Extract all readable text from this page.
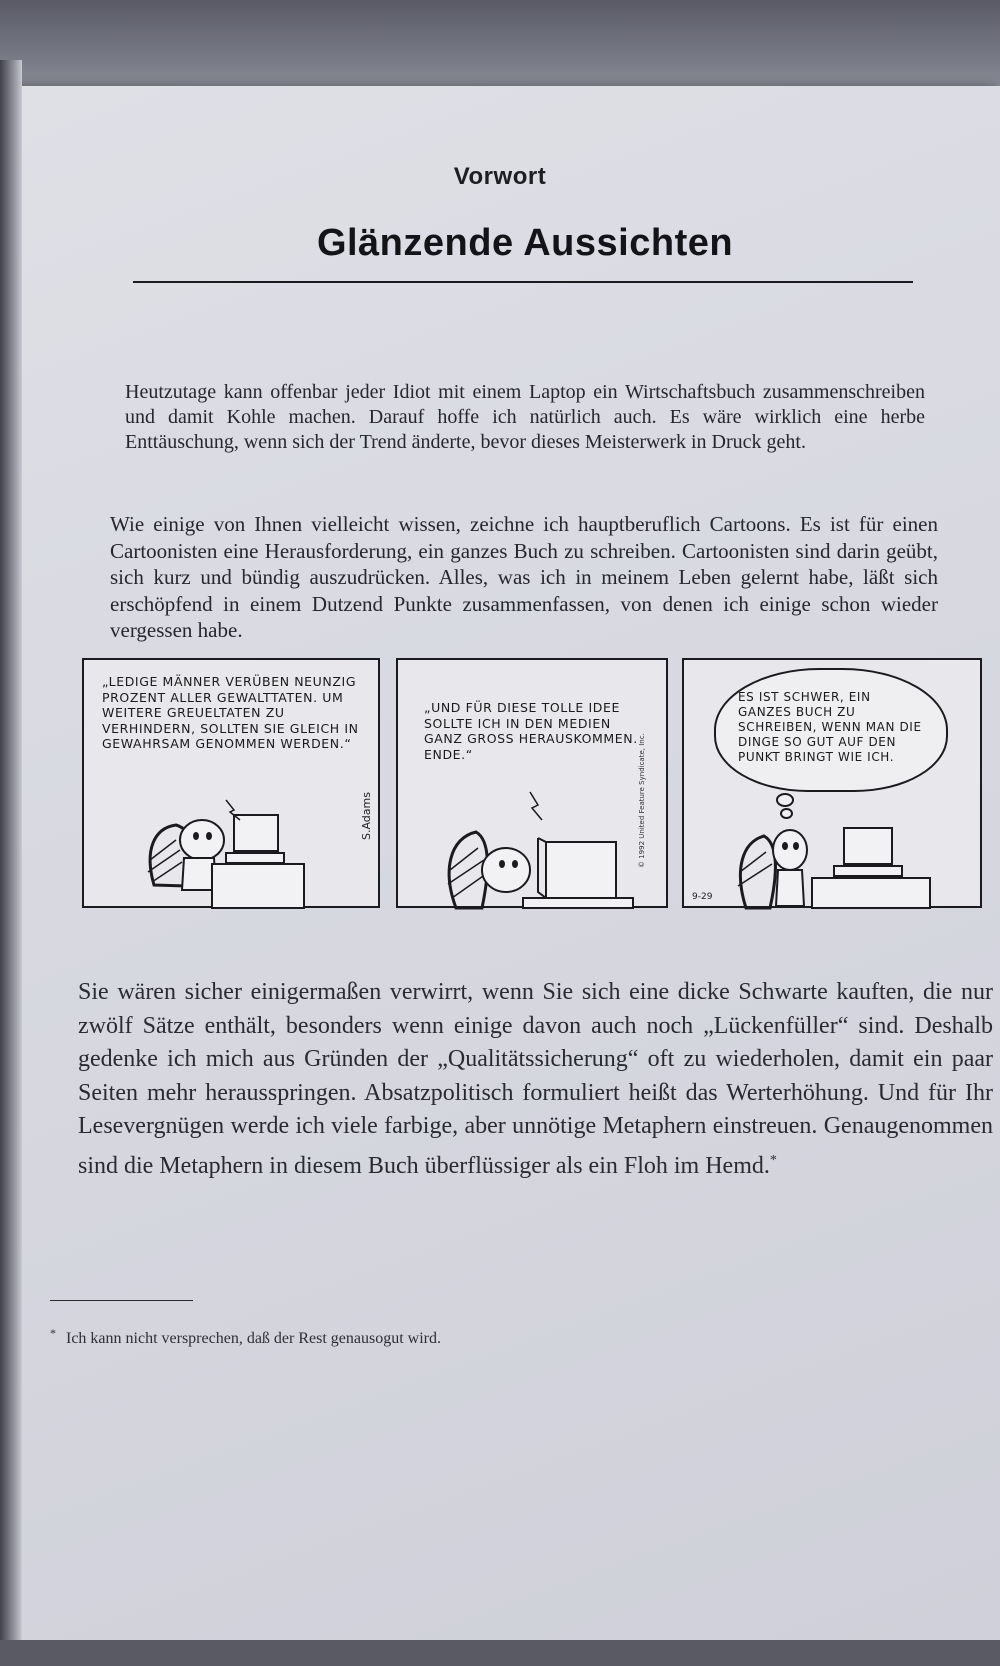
Vorwort
Glänzende Aussichten

Heutzutage kann offenbar jeder Idiot mit einem Laptop ein Wirtschaftsbuch zusammenschreiben und damit Kohle machen. Darauf hoffe ich natürlich auch. Es wäre wirklich eine herbe Enttäuschung, wenn sich der Trend änderte, bevor dieses Meisterwerk in Druck geht.

Wie einige von Ihnen vielleicht wissen, zeichne ich hauptberuflich Cartoons. Es ist für einen Cartoonisten eine Herausforderung, ein ganzes Buch zu schreiben. Cartoonisten sind darin geübt, sich kurz und bündig auszudrücken. Alles, was ich in meinem Leben gelernt habe, läßt sich erschöpfend in einem Dutzend Punkte zusammenfassen, von denen ich einige schon wieder vergessen habe.

„LEDIGE MÄNNER VERÜBEN NEUNZIG PROZENT ALLER GEWALTTATEN. UM WEITERE GREUELTATEN ZU VERHINDERN, SOLLTEN SIE GLEICH IN GEWAHRSAM GENOMMEN WERDEN.“
S.Adams
„UND FÜR DIESE TOLLE IDEE SOLLTE ICH IN DEN MEDIEN GANZ GROSS HERAUSKOMMEN. ENDE.“	© 1992 United Feature Syndicate, Inc.
ES IST SCHWER, EIN GANZES BUCH ZU SCHREIBEN, WENN MAN DIE DINGE SO GUT AUF DEN PUNKT BRINGT WIE ICH.
9-29

Sie wären sicher einigermaßen verwirrt, wenn Sie sich eine dicke Schwarte kauften, die nur zwölf Sätze enthält, besonders wenn einige davon auch noch „Lückenfüller“ sind. Deshalb gedenke ich mich aus Gründen der „Qualitätssicherung“ oft zu wiederholen, damit ein paar Seiten mehr herausspringen. Absatzpolitisch formuliert heißt das Werterhöhung. Und für Ihr Lesevergnügen werde ich viele farbige, aber unnötige Metaphern einstreuen. Genaugenommen sind die Metaphern in diesem Buch überflüssiger als ein Floh im Hemd.*

* Ich kann nicht versprechen, daß der Rest genausogut wird.
